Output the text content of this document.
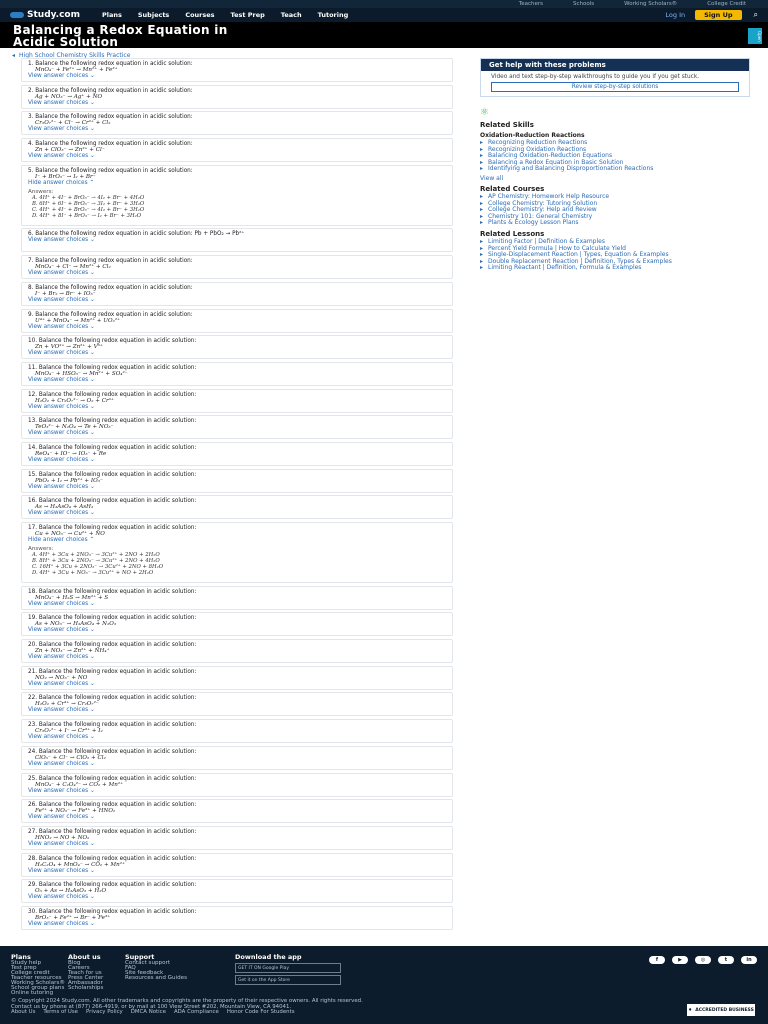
Teachers	Schools	Working Scholars®	College Credit
Study.com	Plans Subjects Courses Test Prep Teach Tutoring	Log In	Sign Up	⌕
Balancing a Redox Equation in
Acidic Solution	Open
◂ High School Chemistry Skills Practice
1. Balance the following redox equation in acidic solution:
MnO₄⁻ + Fe²⁺ → Mn²⁺ + Fe³⁺
View answer choices ⌄
2. Balance the following redox equation in acidic solution:
Ag + NO₃⁻ → Ag⁺ + NO
View answer choices ⌄
3. Balance the following redox equation in acidic solution:
Cr₂O₇²⁻ + Cl⁻ → Cr³⁺ + Cl₂
View answer choices ⌄
4. Balance the following redox equation in acidic solution:
Zn + ClO₃⁻ → Zn²⁺ + Cl⁻
View answer choices ⌄
5. Balance the following redox equation in acidic solution:
I⁻ + BrO₃⁻ → I₂ + Br⁻
Hide answer choices ⌃
Answers:
A. 4H⁺ + 4I⁻ + BrO₃⁻ → 4I₂ + Br⁻ + 4H₂O
B. 6H⁺ + 6I⁻ + BrO₃⁻ → 3I₂ + Br⁻ + 3H₂O
C. 4H⁺ + 4I⁻ + BrO₃⁻ → 4I₂ + Br⁻ + 3H₂O
D. 4H⁺ + 8I⁻ + BrO₃⁻ → I₂ + Br⁻ + 3H₂O
6. Balance the following redox equation in acidic solution: Pb + PbO₂ → Pb²⁺
View answer choices ⌄
7. Balance the following redox equation in acidic solution:
MnO₄⁻ + Cl⁻ → Mn²⁺ + Cl₂
View answer choices ⌄
8. Balance the following redox equation in acidic solution:
I⁻ + Br₂ → Br⁻ + IO₃⁻
View answer choices ⌄
9. Balance the following redox equation in acidic solution:
U⁴⁺ + MnO₄⁻ → Mn²⁺ + UO₂²⁺
View answer choices ⌄
10. Balance the following redox equation in acidic solution:
Zn + VO²⁺ → Zn²⁺ + V³⁺
View answer choices ⌄
11. Balance the following redox equation in acidic solution:
MnO₄⁻ + HSO₃⁻ → Mn²⁺ + SO₄²⁻
View answer choices ⌄
12. Balance the following redox equation in acidic solution:
H₂O₂ + Cr₂O₇²⁻ → O₂ + Cr³⁺
View answer choices ⌄
13. Balance the following redox equation in acidic solution:
TeO₃²⁻ + N₂O₄ → Te + NO₃⁻
View answer choices ⌄
14. Balance the following redox equation in acidic solution:
ReO₄⁻ + IO⁻ → IO₃⁻ + Re
View answer choices ⌄
15. Balance the following redox equation in acidic solution:
PbO₂ + I₂ → Pb²⁺ + IO₃⁻
View answer choices ⌄
16. Balance the following redox equation in acidic solution:
As → H₃AsO₄ + AsH₃
View answer choices ⌄
17. Balance the following redox equation in acidic solution:
Cu + NO₃⁻ → Cu²⁺ + NO
Hide answer choices ⌃
Answers:
A. 4H⁺ + 3Cu + 2NO₃⁻ → 3Cu²⁺ + 2NO + 2H₂O
B. 8H⁺ + 3Cu + 2NO₃⁻ → 3Cu²⁺ + 2NO + 4H₂O
C. 16H⁺ + 3Cu + 2NO₃⁻ → 3Cu²⁺ + 2NO + 8H₂O
D. 4H⁺ + 3Cu + NO₃⁻ → 3Cu²⁺ + NO + 2H₂O
18. Balance the following redox equation in acidic solution:
MnO₄⁻ + H₂S → Mn²⁺ + S
View answer choices ⌄
19. Balance the following redox equation in acidic solution:
As + NO₃⁻ → H₃AsO₄ + N₂O₃
View answer choices ⌄
20. Balance the following redox equation in acidic solution:
Zn + NO₃⁻ → Zn²⁺ + NH₄⁺
View answer choices ⌄
21. Balance the following redox equation in acidic solution:
NO₂ → NO₃⁻ + NO
View answer choices ⌄
22. Balance the following redox equation in acidic solution:
H₂O₂ + Cr³⁺ → Cr₂O₇²⁻
View answer choices ⌄
23. Balance the following redox equation in acidic solution:
Cr₂O₇²⁻ + I⁻ → Cr³⁺ + I₂
View answer choices ⌄
24. Balance the following redox equation in acidic solution:
ClO₃⁻ + Cl⁻ → ClO₂ + Cl₂
View answer choices ⌄
25. Balance the following redox equation in acidic solution:
MnO₄⁻ + C₂O₄²⁻ → CO₂ + Mn²⁺
View answer choices ⌄
26. Balance the following redox equation in acidic solution:
Fe²⁺ + NO₃⁻ → Fe³⁺ + HNO₂
View answer choices ⌄
27. Balance the following redox equation in acidic solution:
HNO₂ → NO + NO₂
View answer choices ⌄
28. Balance the following redox equation in acidic solution:
H₂C₂O₄ + MnO₄⁻ → CO₂ + Mn²⁺
View answer choices ⌄
29. Balance the following redox equation in acidic solution:
O₃ + As → H₃AsO₃ + H₂O
View answer choices ⌄
30. Balance the following redox equation in acidic solution:
BrO₃⁻ + Fe²⁺ → Br⁻ + Fe³⁺
View answer choices ⌄
Get help with these problems
Video and text step-by-step walkthroughs to guide you if you get stuck.
Review step-by-step solutions
⚛
Related Skills
Oxidation-Reduction Reactions
▸ Recognizing Reduction Reactions
▸ Recognizing Oxidation Reactions
▸ Balancing Oxidation-Reduction Equations
▸ Balancing a Redox Equation in Basic Solution
▸ Identifying and Balancing Disproportionation Reactions
View all
Related Courses
▸ AP Chemistry: Homework Help Resource
▸ College Chemistry: Tutoring Solution
▸ College Chemistry: Help and Review
▸ Chemistry 101: General Chemistry
▸ Plants & Ecology Lesson Plans
Related Lessons
▸ Limiting Factor | Definition & Examples
▸ Percent Yield Formula | How to Calculate Yield
▸ Single-Displacement Reaction | Types, Equation & Examples
▸ Double Replacement Reaction | Definition, Types & Examples
▸ Limiting Reactant | Definition, Formula & Examples
Plans
Study help
Test prep
College credit
Teacher resources
Working Scholars®
School group plans
Online tutoring
About us
Blog
Careers
Teach for us
Press Center
Ambassador
Scholarships
Support
Contact support
FAQ
Site feedback
Resources and Guides
Download the app
GET IT ON Google Play
Get it on the App Store
f	▶	◎	t	in
© Copyright 2024 Study.com. All other trademarks and copyrights are the property of their respective owners. All rights reserved.
Contact us by phone at (877) 266-4919, or by mail at 100 View Street #202, Mountain View, CA 94041.
About Us Terms of Use Privacy Policy DMCA Notice ADA Compliance Honor Code For Students	♦ ACCREDITED BUSINESS
